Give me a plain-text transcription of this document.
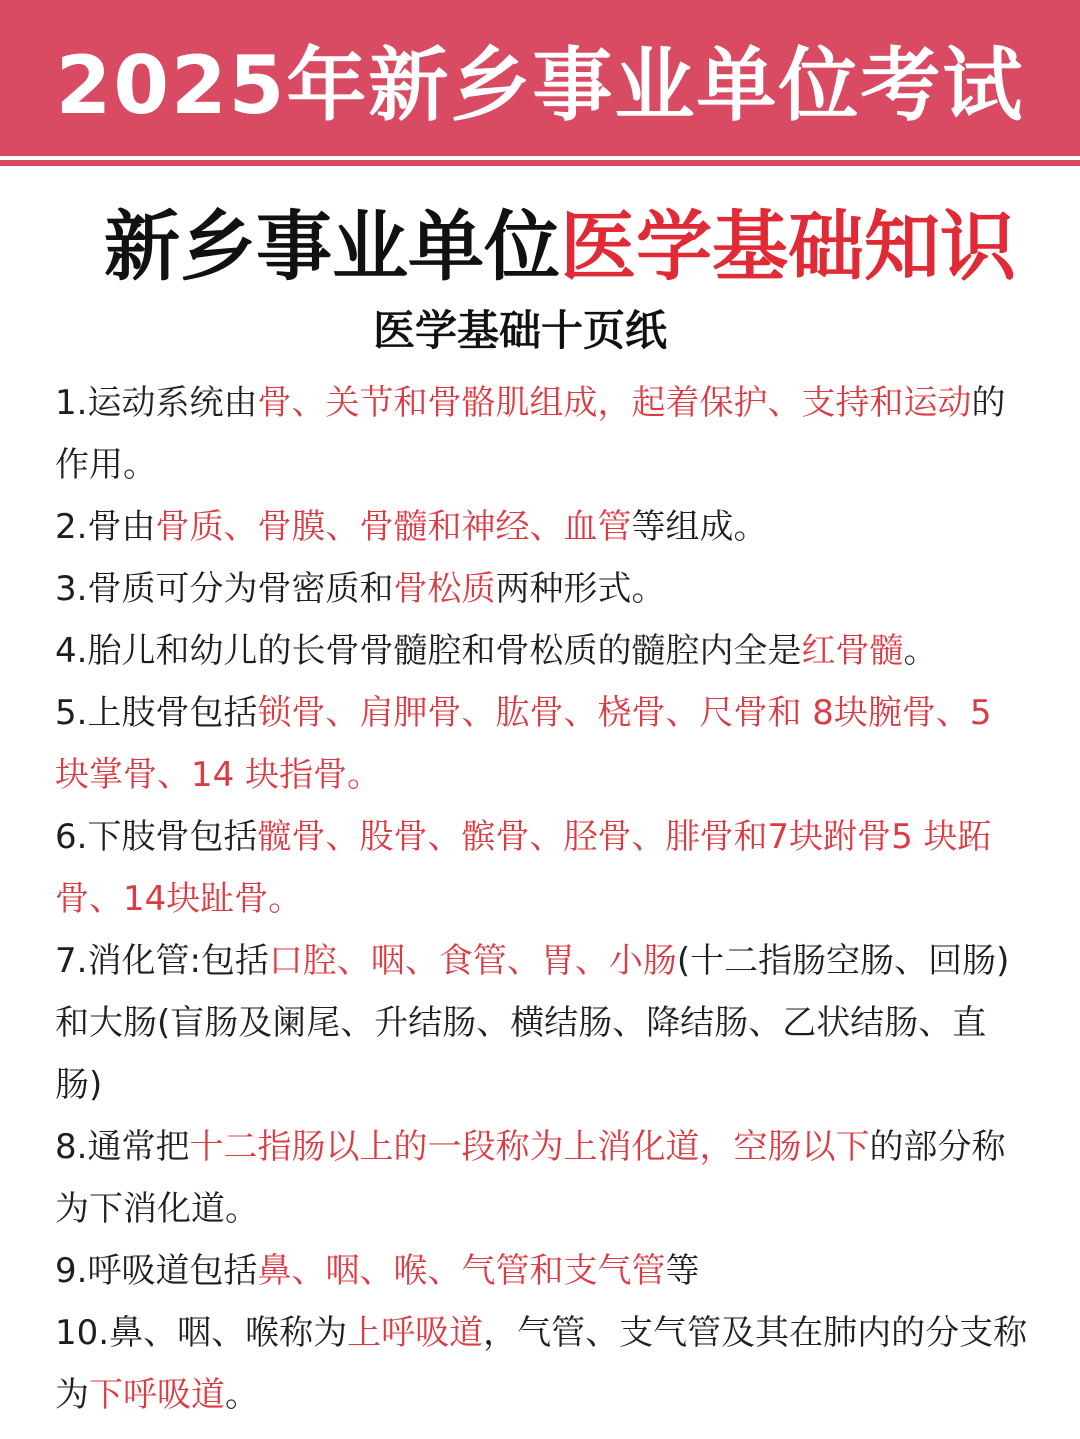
2025年新乡事业单位考试
新乡事业单位医学基础知识
医学基础十页纸

1.运动系统由骨、关节和骨骼肌组成，起着保护、支持和运动的作用。

2.骨由骨质、骨膜、骨髓和神经、血管等组成。

3.骨质可分为骨密质和骨松质两种形式。

4.胎儿和幼儿的长骨骨髓腔和骨松质的髓腔内全是红骨髓。

5.上肢骨包括锁骨、肩胛骨、肱骨、桡骨、尺骨和 8块腕骨、5 块掌骨、14 块指骨。

6.下肢骨包括髋骨、股骨、髌骨、胫骨、腓骨和7块跗骨5 块跖骨、14块趾骨。

7.消化管:包括口腔、咽、食管、胃、小肠(十二指肠空肠、回肠)和大肠(盲肠及阑尾、升结肠、横结肠、降结肠、乙状结肠、直肠)

8.通常把十二指肠以上的一段称为上消化道，空肠以下的部分称为下消化道。

9.呼吸道包括鼻、咽、喉、气管和支气管等

10.鼻、咽、喉称为上呼吸道，气管、支气管及其在肺内的分支称为下呼吸道。
